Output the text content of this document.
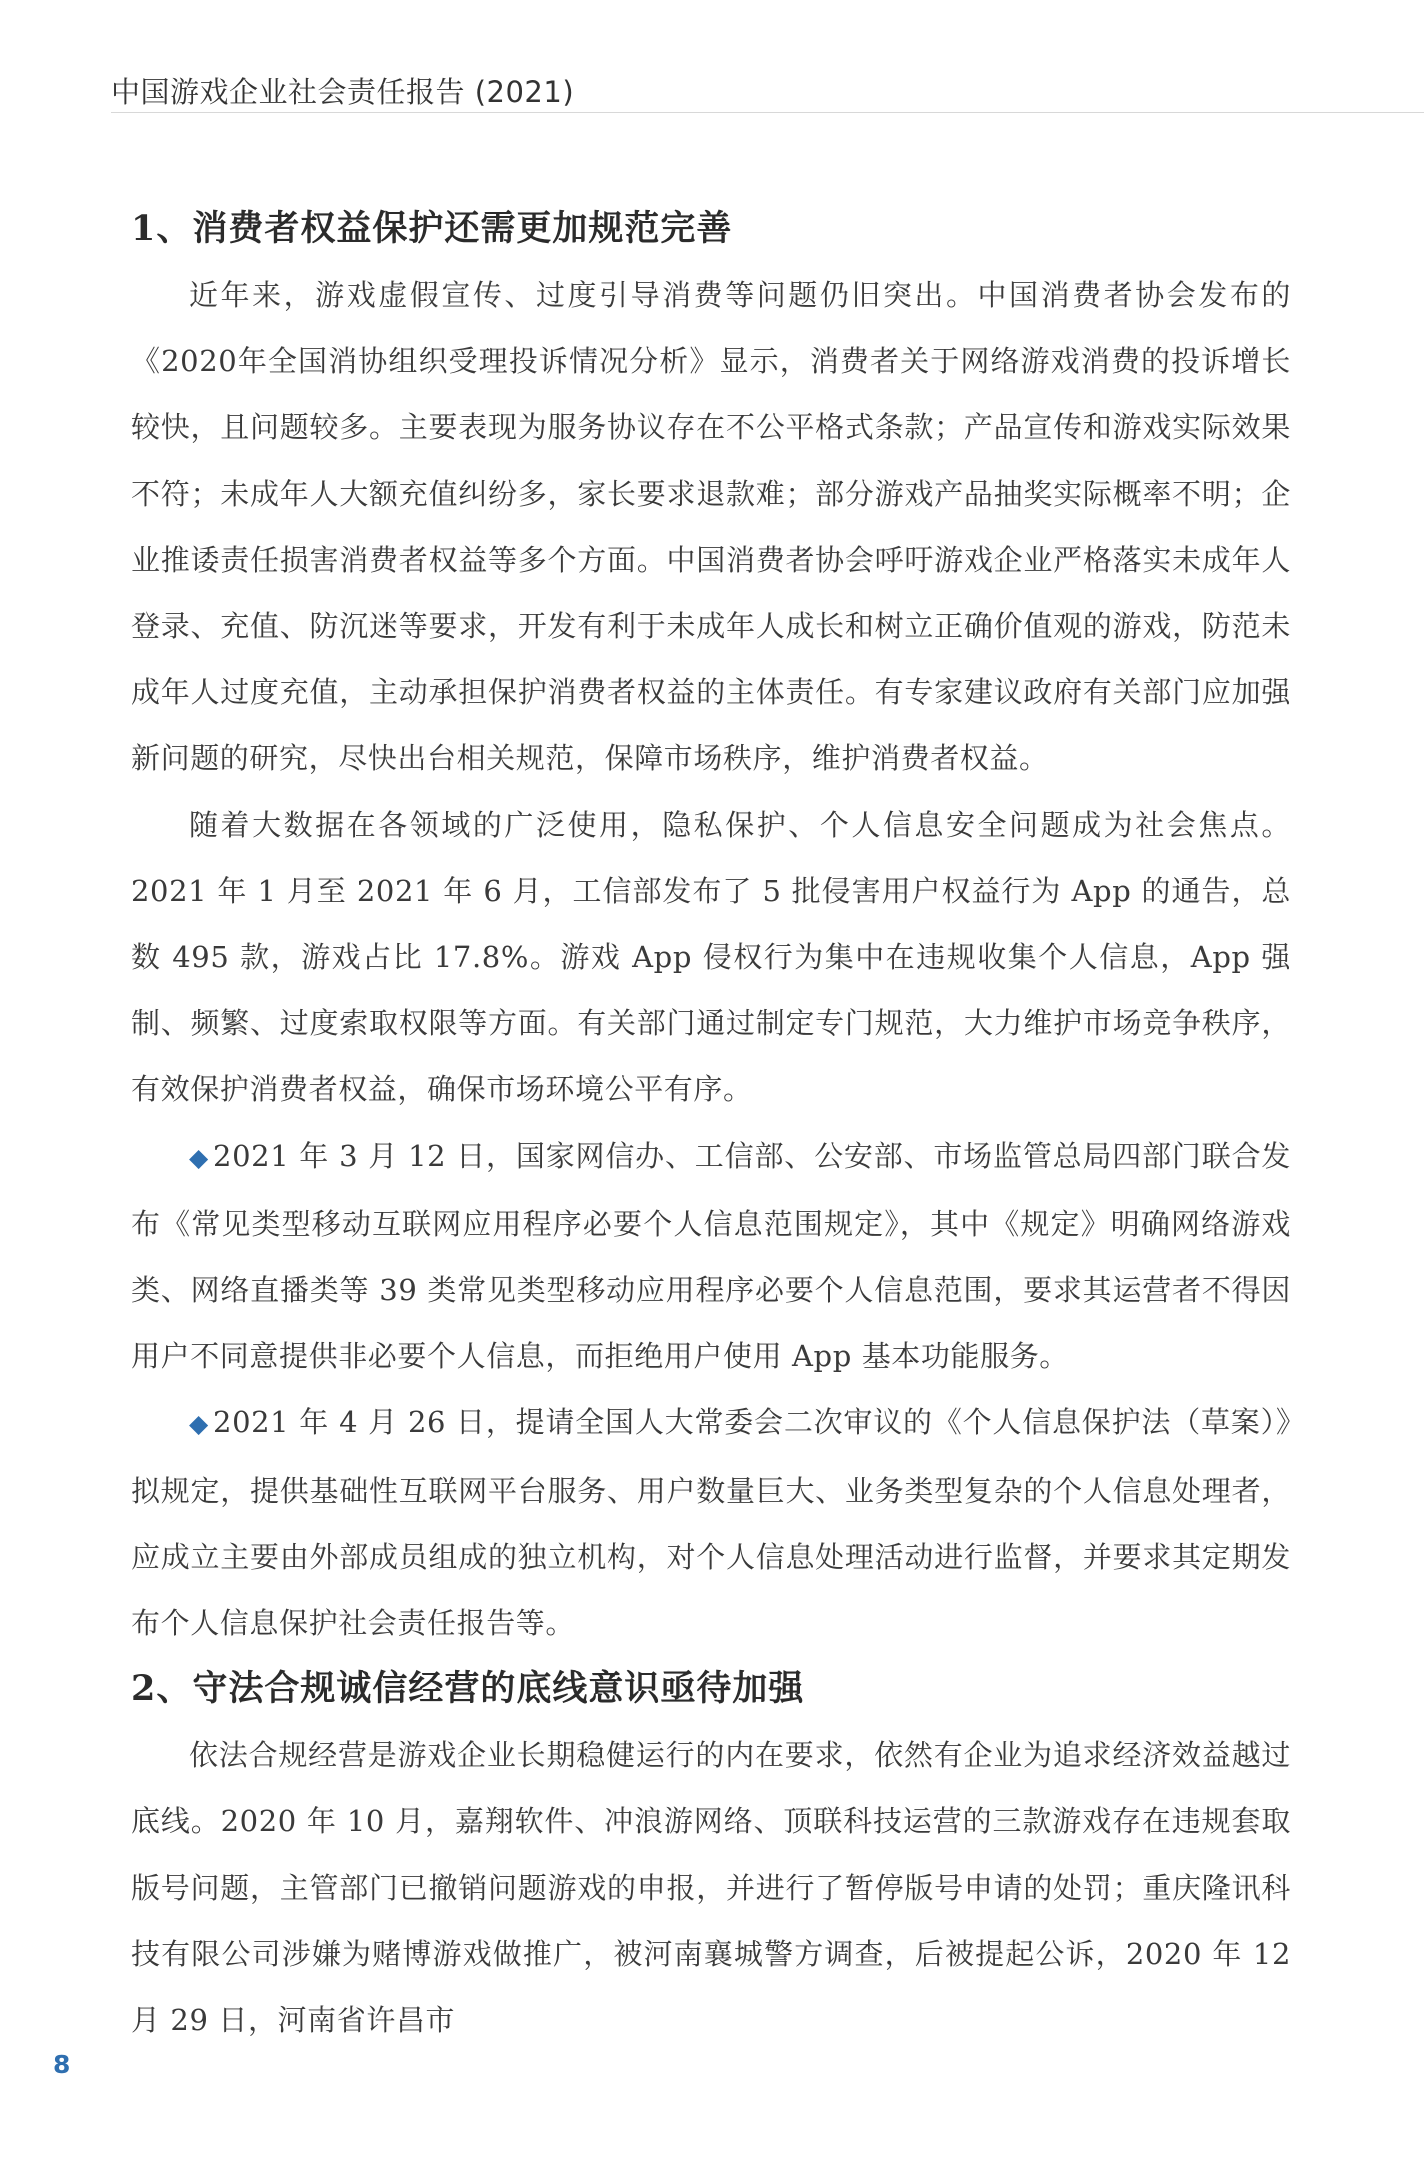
中国游戏企业社会责任报告 (2021)
1、消费者权益保护还需更加规范完善

近年来，游戏虚假宣传、过度引导消费等问题仍旧突出。中国消费者协会发布的《2020年全国消协组织受理投诉情况分析》显示，消费者关于网络游戏消费的投诉增长较快，且问题较多。主要表现为服务协议存在不公平格式条款；产品宣传和游戏实际效果不符；未成年人大额充值纠纷多，家长要求退款难；部分游戏产品抽奖实际概率不明；企业推诿责任损害消费者权益等多个方面。中国消费者协会呼吁游戏企业严格落实未成年人登录、充值、防沉迷等要求，开发有利于未成年人成长和树立正确价值观的游戏，防范未成年人过度充值，主动承担保护消费者权益的主体责任。有专家建议政府有关部门应加强新问题的研究，尽快出台相关规范，保障市场秩序，维护消费者权益。

随着大数据在各领域的广泛使用，隐私保护、个人信息安全问题成为社会焦点。2021 年 1 月至 2021 年 6 月，工信部发布了 5 批侵害用户权益行为 App 的通告，总数 495 款，游戏占比 17.8%。游戏 App 侵权行为集中在违规收集个人信息，App 强制、频繁、过度索取权限等方面。有关部门通过制定专门规范，大力维护市场竞争秩序，有效保护消费者权益，确保市场环境公平有序。

◆ 2021 年 3 月 12 日，国家网信办、工信部、公安部、市场监管总局四部门联合发布《常见类型移动互联网应用程序必要个人信息范围规定》，其中《规定》明确网络游戏类、网络直播类等 39 类常见类型移动应用程序必要个人信息范围，要求其运营者不得因用户不同意提供非必要个人信息，而拒绝用户使用 App 基本功能服务。

◆ 2021 年 4 月 26 日，提请全国人大常委会二次审议的《个人信息保护法（草案）》拟规定，提供基础性互联网平台服务、用户数量巨大、业务类型复杂的个人信息处理者，应成立主要由外部成员组成的独立机构，对个人信息处理活动进行监督，并要求其定期发布个人信息保护社会责任报告等。

2、守法合规诚信经营的底线意识亟待加强

依法合规经营是游戏企业长期稳健运行的内在要求，依然有企业为追求经济效益越过底线。2020 年 10 月，嘉翔软件、冲浪游网络、顶联科技运营的三款游戏存在违规套取版号问题，主管部门已撤销问题游戏的申报，并进行了暂停版号申请的处罚；重庆隆讯科技有限公司涉嫌为赌博游戏做推广，被河南襄城警方调查，后被提起公诉，2020 年 12 月 29 日，河南省许昌市

8
